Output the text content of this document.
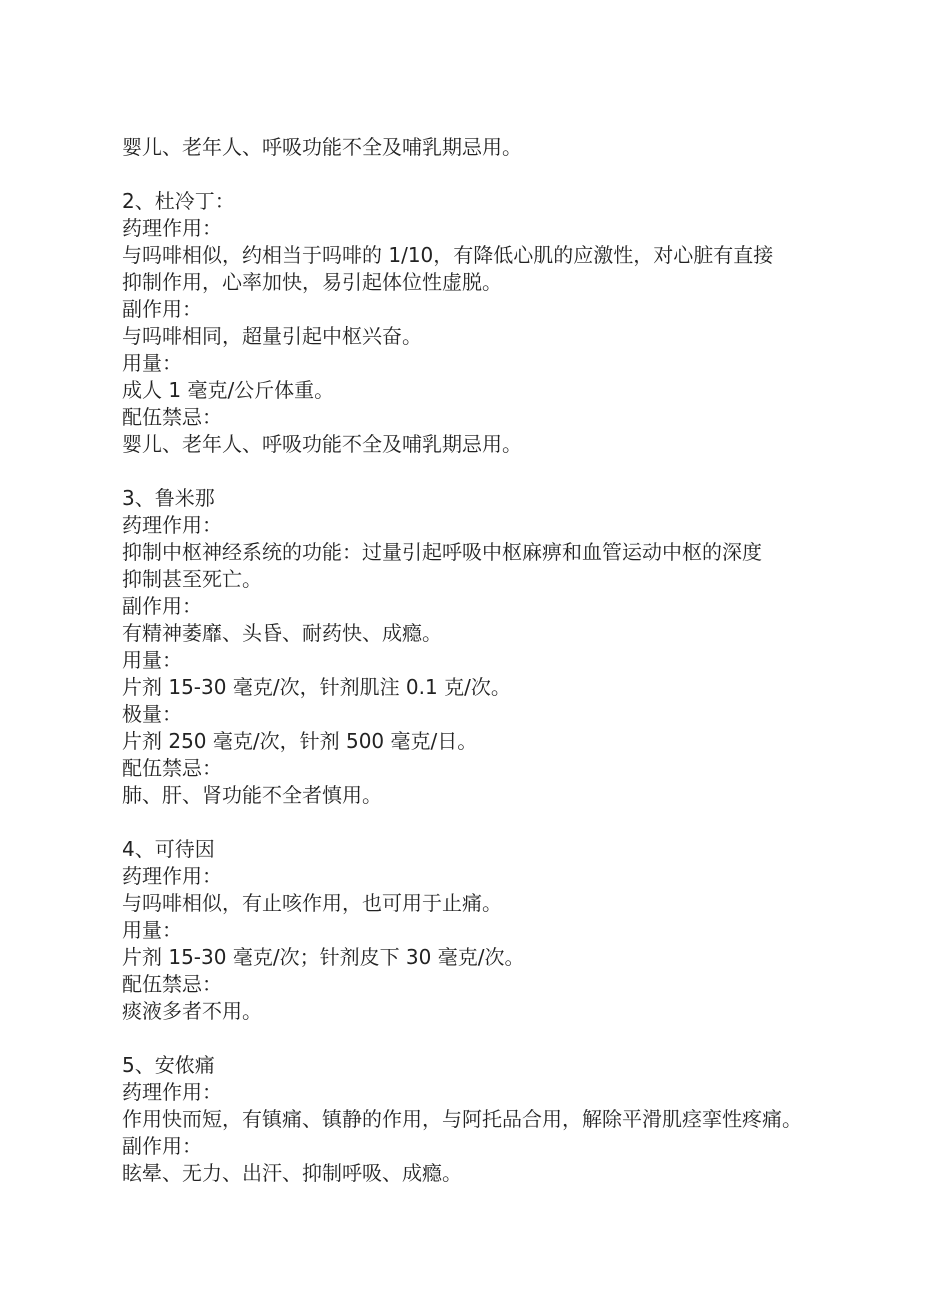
婴儿、老年人、呼吸功能不全及哺乳期忌用。
2、杜冷丁：
药理作用：
与吗啡相似，约相当于吗啡的 1/10，有降低心肌的应激性，对心脏有直接
抑制作用，心率加快，易引起体位性虚脱。
副作用：
与吗啡相同，超量引起中枢兴奋。
用量：
成人 1 毫克/公斤体重。
配伍禁忌：
婴儿、老年人、呼吸功能不全及哺乳期忌用。
3、鲁米那
药理作用：
抑制中枢神经系统的功能：过量引起呼吸中枢麻痹和血管运动中枢的深度
抑制甚至死亡。
副作用：
有精神萎靡、头昏、耐药快、成瘾。
用量：
片剂 15-30 毫克/次，针剂肌注 0.1 克/次。
极量：
片剂 250 毫克/次，针剂 500 毫克/日。
配伍禁忌：
肺、肝、肾功能不全者慎用。
4、可待因
药理作用：
与吗啡相似，有止咳作用，也可用于止痛。
用量：
片剂 15-30 毫克/次；针剂皮下 30 毫克/次。
配伍禁忌：
痰液多者不用。
5、安侬痛
药理作用：
作用快而短，有镇痛、镇静的作用，与阿托品合用，解除平滑肌痉挛性疼痛。
副作用：
眩晕、无力、出汗、抑制呼吸、成瘾。
